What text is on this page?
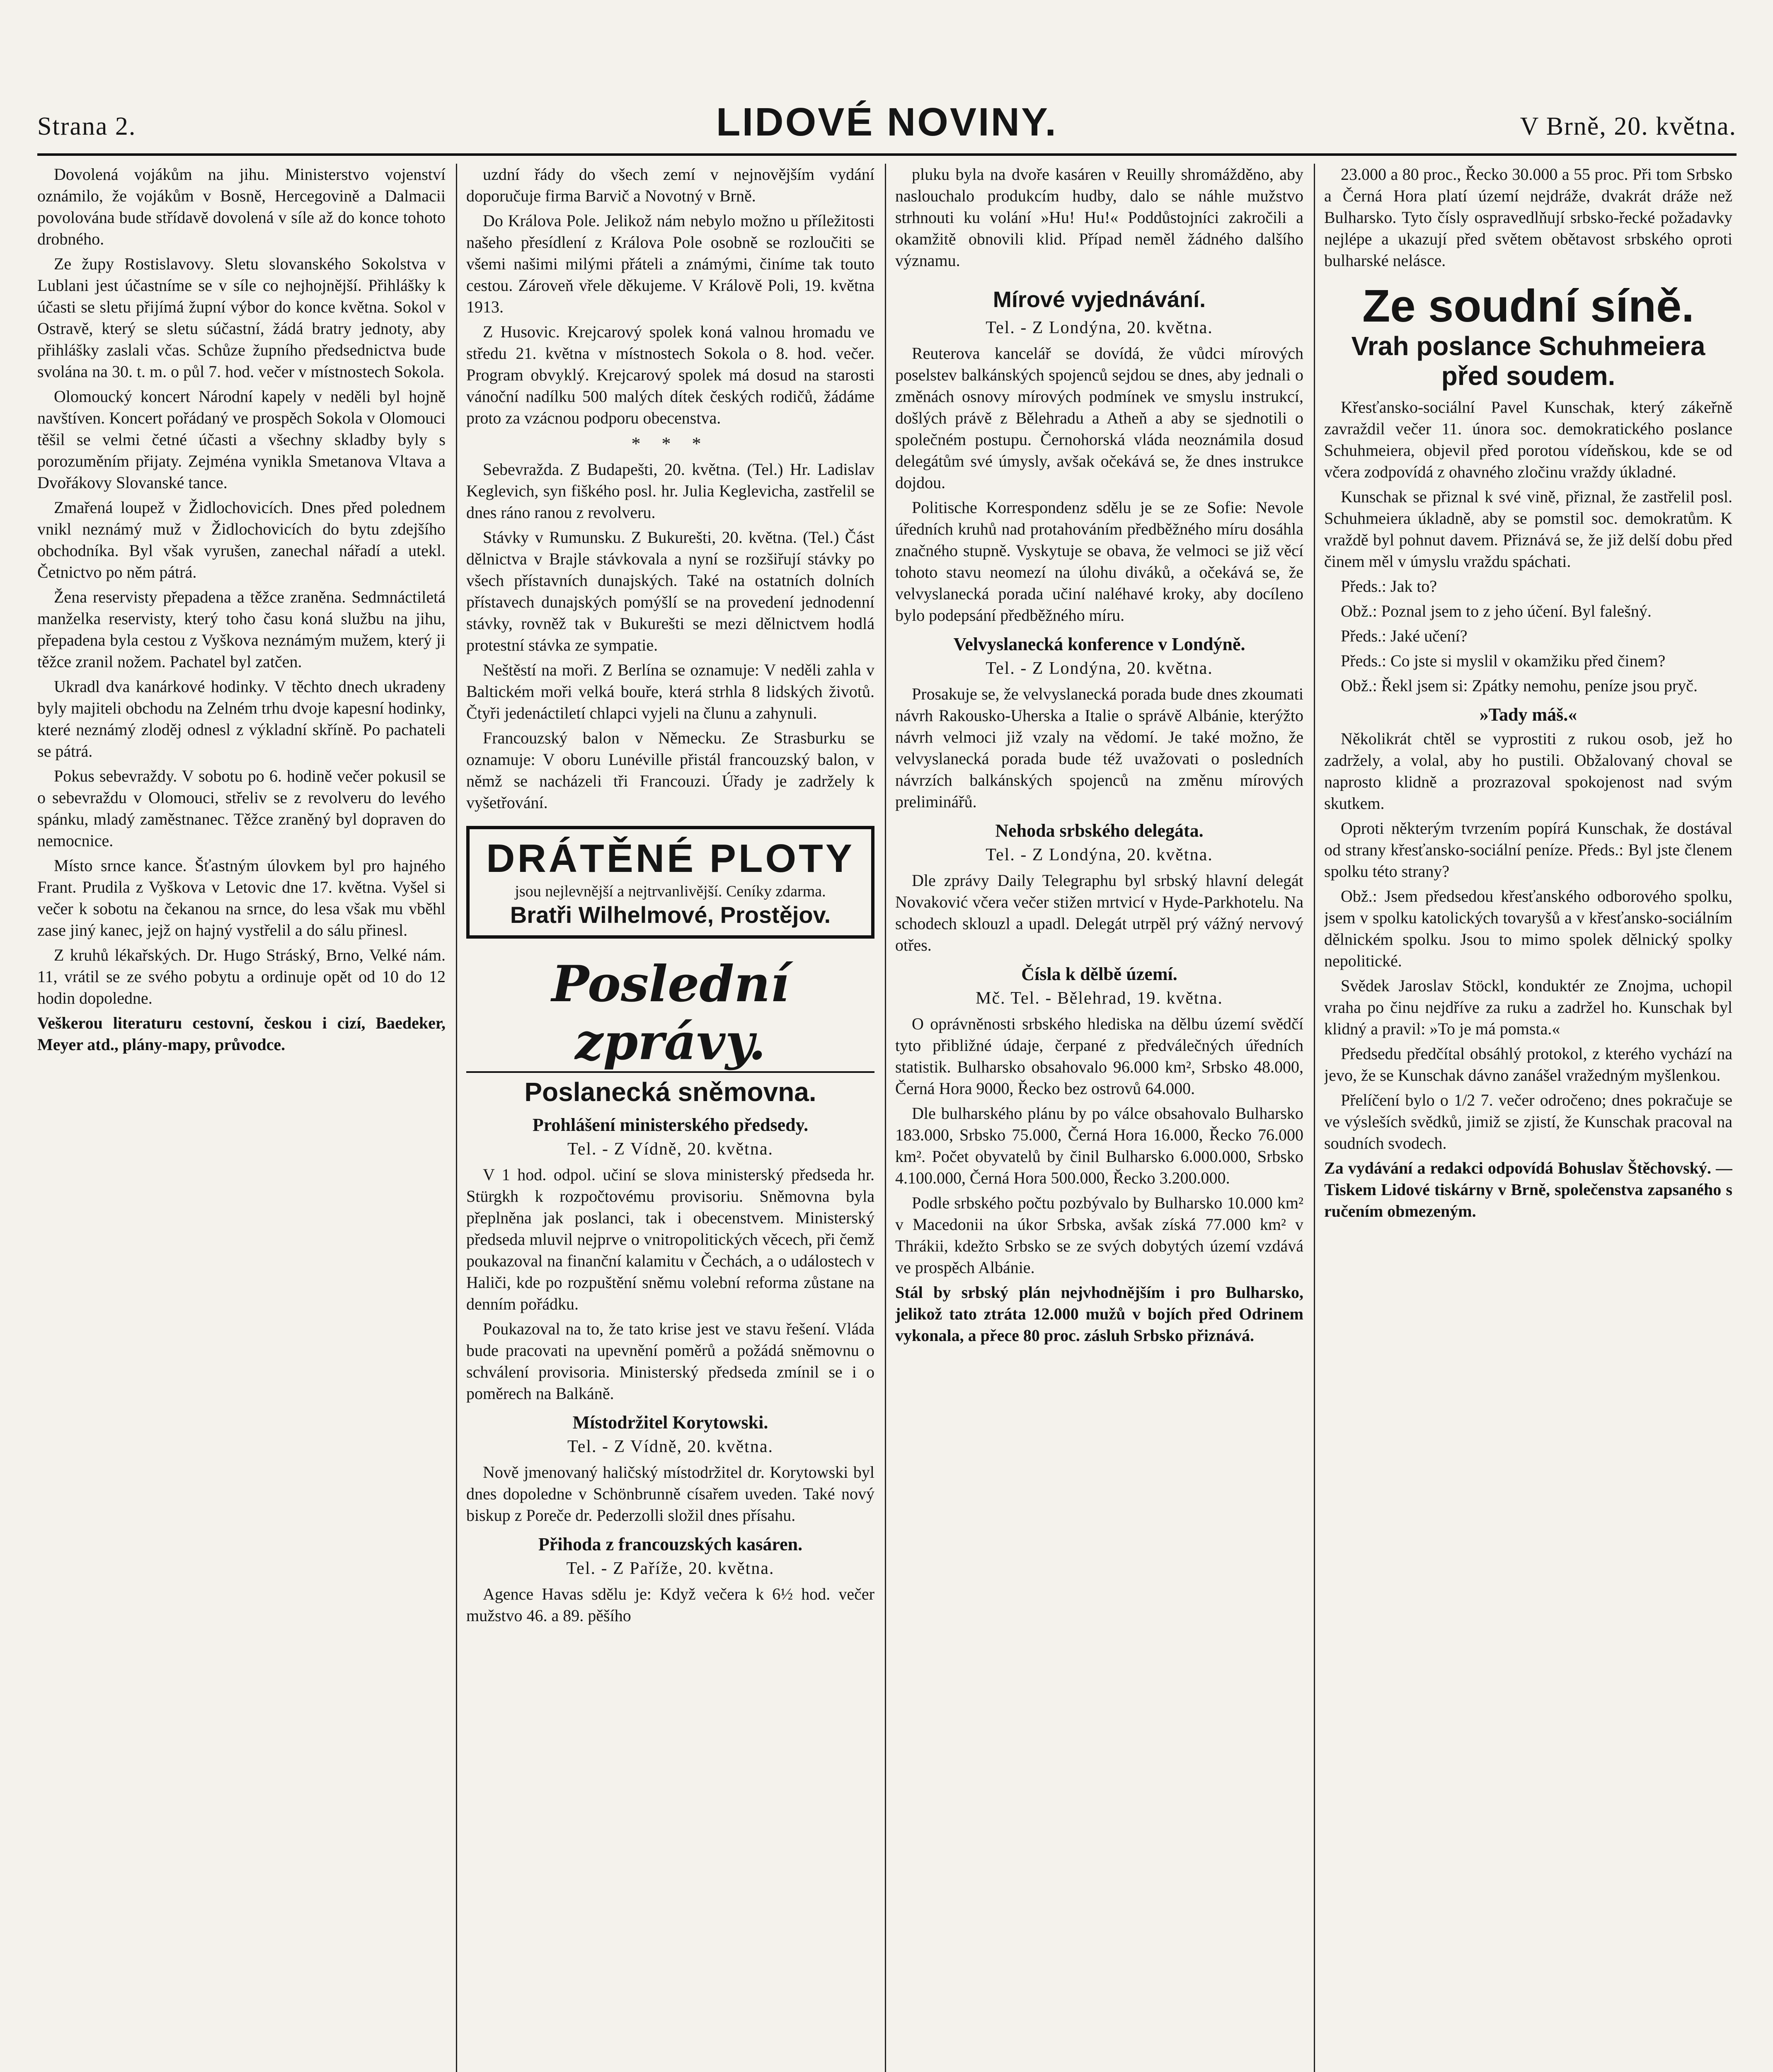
Strana 2.	LIDOVÉ NOVINY.	V Brně, 20. května.

Dovolená vojákům na jihu. Ministerstvo vojenství oznámilo, že vojákům v Bosně, Hercegovině a Dalmacii povolována bude střídavě dovolená v síle až do konce tohoto drobného.

Ze župy Rostislavovy. Sletu slovanského Sokolstva v Lublani jest účastníme se v síle co nejhojnější. Přihlášky k účasti se sletu přijímá župní výbor do konce května. Sokol v Ostravě, který se sletu súčastní, žádá bratry jednoty, aby přihlášky zaslali včas. Schůze župního předsednictva bude svolána na 30. t. m. o půl 7. hod. večer v místnostech Sokola.

Olomoucký koncert Národní kapely v neděli byl hojně navštíven. Koncert pořádaný ve prospěch Sokola v Olomouci těšil se velmi četné účasti a všechny skladby byly s porozuměním přijaty. Zejména vynikla Smetanova Vltava a Dvořákovy Slovanské tance.

Zmařená loupež v Židlochovicích. Dnes před polednem vnikl neznámý muž v Židlochovicích do bytu zdejšího obchodníka. Byl však vyrušen, zanechal nářadí a utekl. Četnictvo po něm pátrá.

Žena reservisty přepadena a těžce zraněna. Sedmnáctiletá manželka reservisty, který toho času koná službu na jihu, přepadena byla cestou z Vyškova neznámým mužem, který ji těžce zranil nožem. Pachatel byl zatčen.

Ukradl dva kanárkové hodinky. V těchto dnech ukradeny byly majiteli obchodu na Zelném trhu dvoje kapesní hodinky, které neznámý zloděj odnesl z výkladní skříně. Po pachateli se pátrá.

Pokus sebevraždy. V sobotu po 6. hodině večer pokusil se o sebevraždu v Olomouci, střeliv se z revolveru do levého spánku, mladý zaměstnanec. Těžce zraněný byl dopraven do nemocnice.

Místo srnce kance. Šťastným úlovkem byl pro hajného Frant. Prudila z Vyškova v Letovic dne 17. května. Vyšel si večer k sobotu na čekanou na srnce, do lesa však mu vběhl zase jiný kanec, jejž on hajný vystřelil a do sálu přinesl.

Z kruhů lékařských. Dr. Hugo Stráský, Brno, Velké nám. 11, vrátil se ze svého pobytu a ordinuje opět od 10 do 12 hodin dopoledne.

Veškerou literaturu cestovní, českou i cizí, Baedeker, Meyer atd., plány-mapy, průvodce.

uzdní řády do všech zemí v nejnovějším vydání doporučuje firma Barvič a Novotný v Brně.

Do Králova Pole. Jelikož nám nebylo možno u příležitosti našeho přesídlení z Králova Pole osobně se rozloučiti se všemi našimi milými přáteli a známými, činíme tak touto cestou. Zároveň vřele děkujeme. V Králově Poli, 19. května 1913.

Z Husovic. Krejcarový spolek koná valnou hromadu ve středu 21. května v místnostech Sokola o 8. hod. večer. Program obvyklý. Krejcarový spolek má dosud na starosti vánoční nadílku 500 malých dítek českých rodičů, žádáme proto za vzácnou podporu obecenstva.

* * *

Sebevražda. Z Budapešti, 20. května. (Tel.) Hr. Ladislav Keglevich, syn fiškého posl. hr. Julia Keglevicha, zastřelil se dnes ráno ranou z revolveru.

Stávky v Rumunsku. Z Bukurešti, 20. května. (Tel.) Část dělnictva v Brajle stávkovala a nyní se rozšiřují stávky po všech přístavních dunajských. Také na ostatních dolních přístavech dunajských pomýšlí se na provedení jednodenní stávky, rovněž tak v Bukurešti se mezi dělnictvem hodlá protestní stávka ze sympatie.

Neštěstí na moři. Z Berlína se oznamuje: V neděli zahla v Baltickém moři velká bouře, která strhla 8 lidských životů. Čtyři jedenáctiletí chlapci vyjeli na člunu a zahynuli.

Francouzský balon v Německu. Ze Strasburku se oznamuje: V oboru Lunéville přistál francouzský balon, v němž se nacházeli tři Francouzi. Úřady je zadržely k vyšetřování.

DRÁTĚNÉ PLOTY
jsou nejlevnější a nejtrvanlivější. Ceníky zdarma.
Bratři Wilhelmové, Prostějov.
Poslední zprávy.
Poslanecká sněmovna.
Prohlášení ministerského předsedy.
Tel. - Z Vídně, 20. května.

V 1 hod. odpol. učiní se slova ministerský předseda hr. Stürgkh k rozpočtovému provisoriu. Sněmovna byla přeplněna jak poslanci, tak i obecenstvem. Ministerský předseda mluvil nejprve o vnitropolitických věcech, při čemž poukazoval na finanční kalamitu v Čechách, a o událostech v Haliči, kde po rozpuštění sněmu volební reforma zůstane na denním pořádku.

Poukazoval na to, že tato krise jest ve stavu řešení. Vláda bude pracovati na upevnění poměrů a požádá sněmovnu o schválení provisoria. Ministerský předseda zmínil se i o poměrech na Balkáně.

Místodržitel Korytowski.
Tel. - Z Vídně, 20. května.

Nově jmenovaný haličský místodržitel dr. Korytowski byl dnes dopoledne v Schönbrunně císařem uveden. Také nový biskup z Poreče dr. Pederzolli složil dnes přísahu.

Přihoda z francouzských kasáren.
Tel. - Z Paříže, 20. května.

Agence Havas sdělu je: Když večera k 6½ hod. večer mužstvo 46. a 89. pěšího

pluku byla na dvoře kasáren v Reuilly shromážděno, aby naslouchalo produkcím hudby, dalo se náhle mužstvo strhnouti ku volání »Hu! Hu!« Poddůstojníci zakročili a okamžitě obnovili klid. Případ neměl žádného dalšího významu.

Mírové vyjednávání.
Tel. - Z Londýna, 20. května.

Reuterova kancelář se dovídá, že vůdci mírových poselstev balkánských spojenců sejdou se dnes, aby jednali o změnách osnovy mírových podmínek ve smyslu instrukcí, došlých právě z Bělehradu a Atheň a aby se sjednotili o společném postupu. Černohorská vláda neoznámila dosud delegátům své úmysly, avšak očekává se, že dnes instrukce dojdou.

Politische Korrespondenz sdělu je se ze Sofie: Nevole úředních kruhů nad protahováním předběžného míru dosáhla značného stupně. Vyskytuje se obava, že velmoci se již věcí tohoto stavu neomezí na úlohu diváků, a očekává se, že velvyslanecká porada učiní naléhavé kroky, aby docíleno bylo podepsání předběžného míru.

Velvyslanecká konference v Londýně.
Tel. - Z Londýna, 20. května.

Prosakuje se, že velvyslanecká porada bude dnes zkoumati návrh Rakousko-Uherska a Italie o správě Albánie, kterýžto návrh velmoci již vzaly na vědomí. Je také možno, že velvyslanecká porada bude též uvažovati o posledních návrzích balkánských spojenců na změnu mírových preliminářů.

Nehoda srbského delegáta.
Tel. - Z Londýna, 20. května.

Dle zprávy Daily Telegraphu byl srbský hlavní delegát Novaković včera večer stižen mrtvicí v Hyde-Parkhotelu. Na schodech sklouzl a upadl. Delegát utrpěl prý vážný nervový otřes.

Čísla k dělbě území.
Mč. Tel. - Bělehrad, 19. května.

O oprávněnosti srbského hlediska na dělbu území svědčí tyto přibližné údaje, čerpané z předválečných úředních statistik. Bulharsko obsahovalo 96.000 km², Srbsko 48.000, Černá Hora 9000, Řecko bez ostrovů 64.000.

Dle bulharského plánu by po válce obsahovalo Bulharsko 183.000, Srbsko 75.000, Černá Hora 16.000, Řecko 76.000 km². Počet obyvatelů by činil Bulharsko 6.000.000, Srbsko 4.100.000, Černá Hora 500.000, Řecko 3.200.000.

Podle srbského počtu pozbývalo by Bulharsko 10.000 km² v Macedonii na úkor Srbska, avšak získá 77.000 km² v Thrákii, kdežto Srbsko se ze svých dobytých území vzdává ve prospěch Albánie.

Stál by srbský plán nejvhodnějším i pro Bulharsko, jelikož tato ztráta 12.000 mužů v bojích před Odrinem vykonala, a přece 80 proc. zásluh Srbsko přiznává.

23.000 a 80 proc., Řecko 30.000 a 55 proc. Při tom Srbsko a Černá Hora platí území nejdráže, dvakrát dráže než Bulharsko. Tyto čísly ospravedlňují srbsko-řecké požadavky nejlépe a ukazují před světem obětavost srbského oproti bulharské nelásce.

Ze soudní síně.
Vrah poslance Schuhmeiera před soudem.

Křesťansko-sociální Pavel Kunschak, který zákeřně zavraždil večer 11. února soc. demokratického poslance Schuhmeiera, objevil před porotou vídeňskou, kde se od včera zodpovídá z ohavného zločinu vraždy úkladné.

Kunschak se přiznal k své vině, přiznal, že zastřelil posl. Schuhmeiera úkladně, aby se pomstil soc. demokratům. K vraždě byl pohnut davem. Přiznává se, že již delší dobu před činem měl v úmyslu vraždu spáchati.

Předs.: Jak to?

Obž.: Poznal jsem to z jeho účení. Byl falešný.

Předs.: Jaké učení?

Předs.: Co jste si myslil v okamžiku před činem?

Obž.: Řekl jsem si: Zpátky nemohu, peníze jsou pryč.

»Tady máš.«

Několikrát chtěl se vyprostiti z rukou osob, jež ho zadržely, a volal, aby ho pustili. Obžalovaný choval se naprosto klidně a prozrazoval spokojenost nad svým skutkem.

Oproti některým tvrzením popírá Kunschak, že dostával od strany křesťansko-sociální peníze. Předs.: Byl jste členem spolku této strany?

Obž.: Jsem předsedou křesťanského odborového spolku, jsem v spolku katolických tovaryšů a v křesťansko-sociálním dělnickém spolku. Jsou to mimo spolek dělnický spolky nepolitické.

Svědek Jaroslav Stöckl, konduktér ze Znojma, uchopil vraha po činu nejdříve za ruku a zadržel ho. Kunschak byl klidný a pravil: »To je má pomsta.«

Předsedu předčítal obsáhlý protokol, z kterého vychází na jevo, že se Kunschak dávno zanášel vražedným myšlenkou.

Přelíčení bylo o 1/2 7. večer odročeno; dnes pokračuje se ve výsleších svědků, jimiž se zjistí, že Kunschak pracoval na soudních svodech.

Za vydávání a redakci odpovídá Bohuslav Štěchovský. — Tiskem Lidové tiskárny v Brně, společenstva zapsaného s ručením obmezeným.
